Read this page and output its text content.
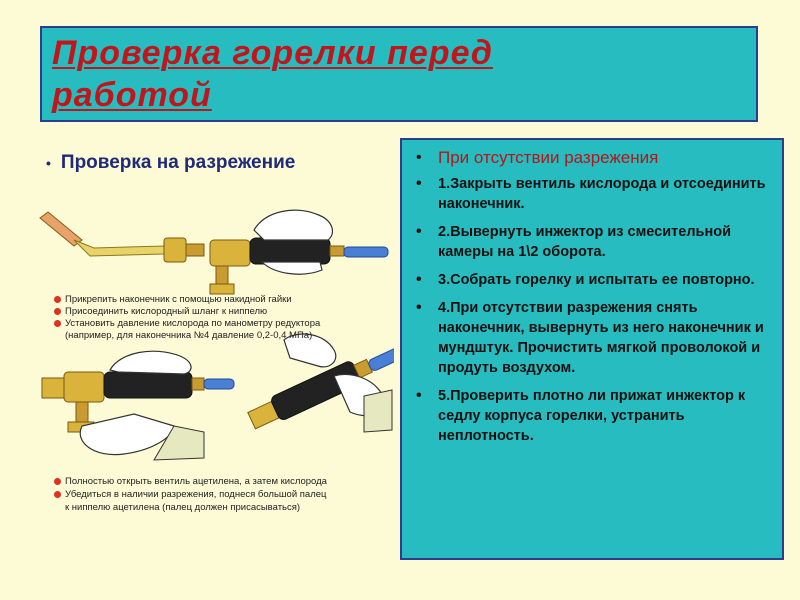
Проверка горелки перед
работой
• Проверка на разрежение
Прикрепить наконечник с помощью накидной гайки
Присоединить кислородный шланг к ниппелю
Установить давление кислорода по манометру редуктора
(например, для наконечника №4 давление 0,2-0,4 МПа)
Полностью открыть вентиль ацетилена, а затем кислорода
Убедиться в наличии разрежения, поднеся большой палец
к ниппелю ацетилена (палец должен присасываться)
• При отсутствии разрежения
• 1.Закрыть вентиль кислорода и отсоединить наконечник.
• 2.Вывернуть инжектор из смесительной камеры на 1\2 оборота.
• 3.Собрать горелку и испытать ее повторно.
• 4.При отсутствии разрежения снять наконечник, вывернуть из него наконечник и мундштук. Прочистить мягкой проволокой и продуть воздухом.
• 5.Проверить плотно ли прижат инжектор к седлу корпуса горелки, устранить неплотность.
